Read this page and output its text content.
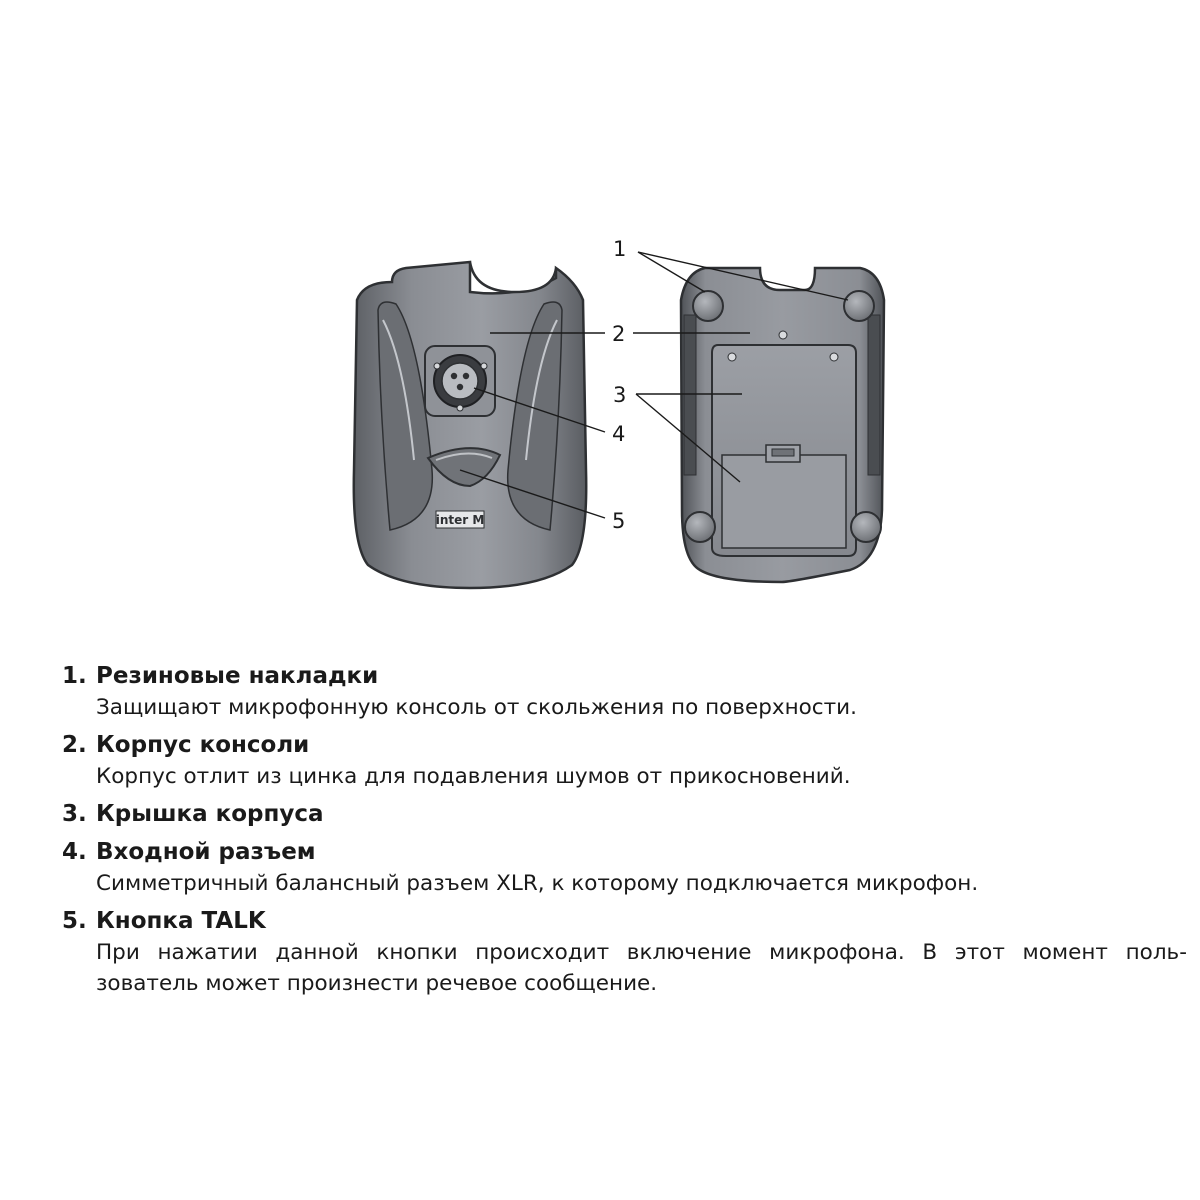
inter M
1
2
3
4
5
1. Резиновые накладки
Защищают микрофонную консоль от скольжения по поверхности.
2. Корпус консоли
Корпус отлит из цинка для подавления шумов от прикосновений.
3. Крышка корпуса
4. Входной разъем
Симметричный балансный разъем XLR, к которому подключается микрофон.
5. Кнопка TALK
При нажатии данной кнопки происходит включение микрофона. В этот момент поль-
зователь может произнести речевое сообщение.
